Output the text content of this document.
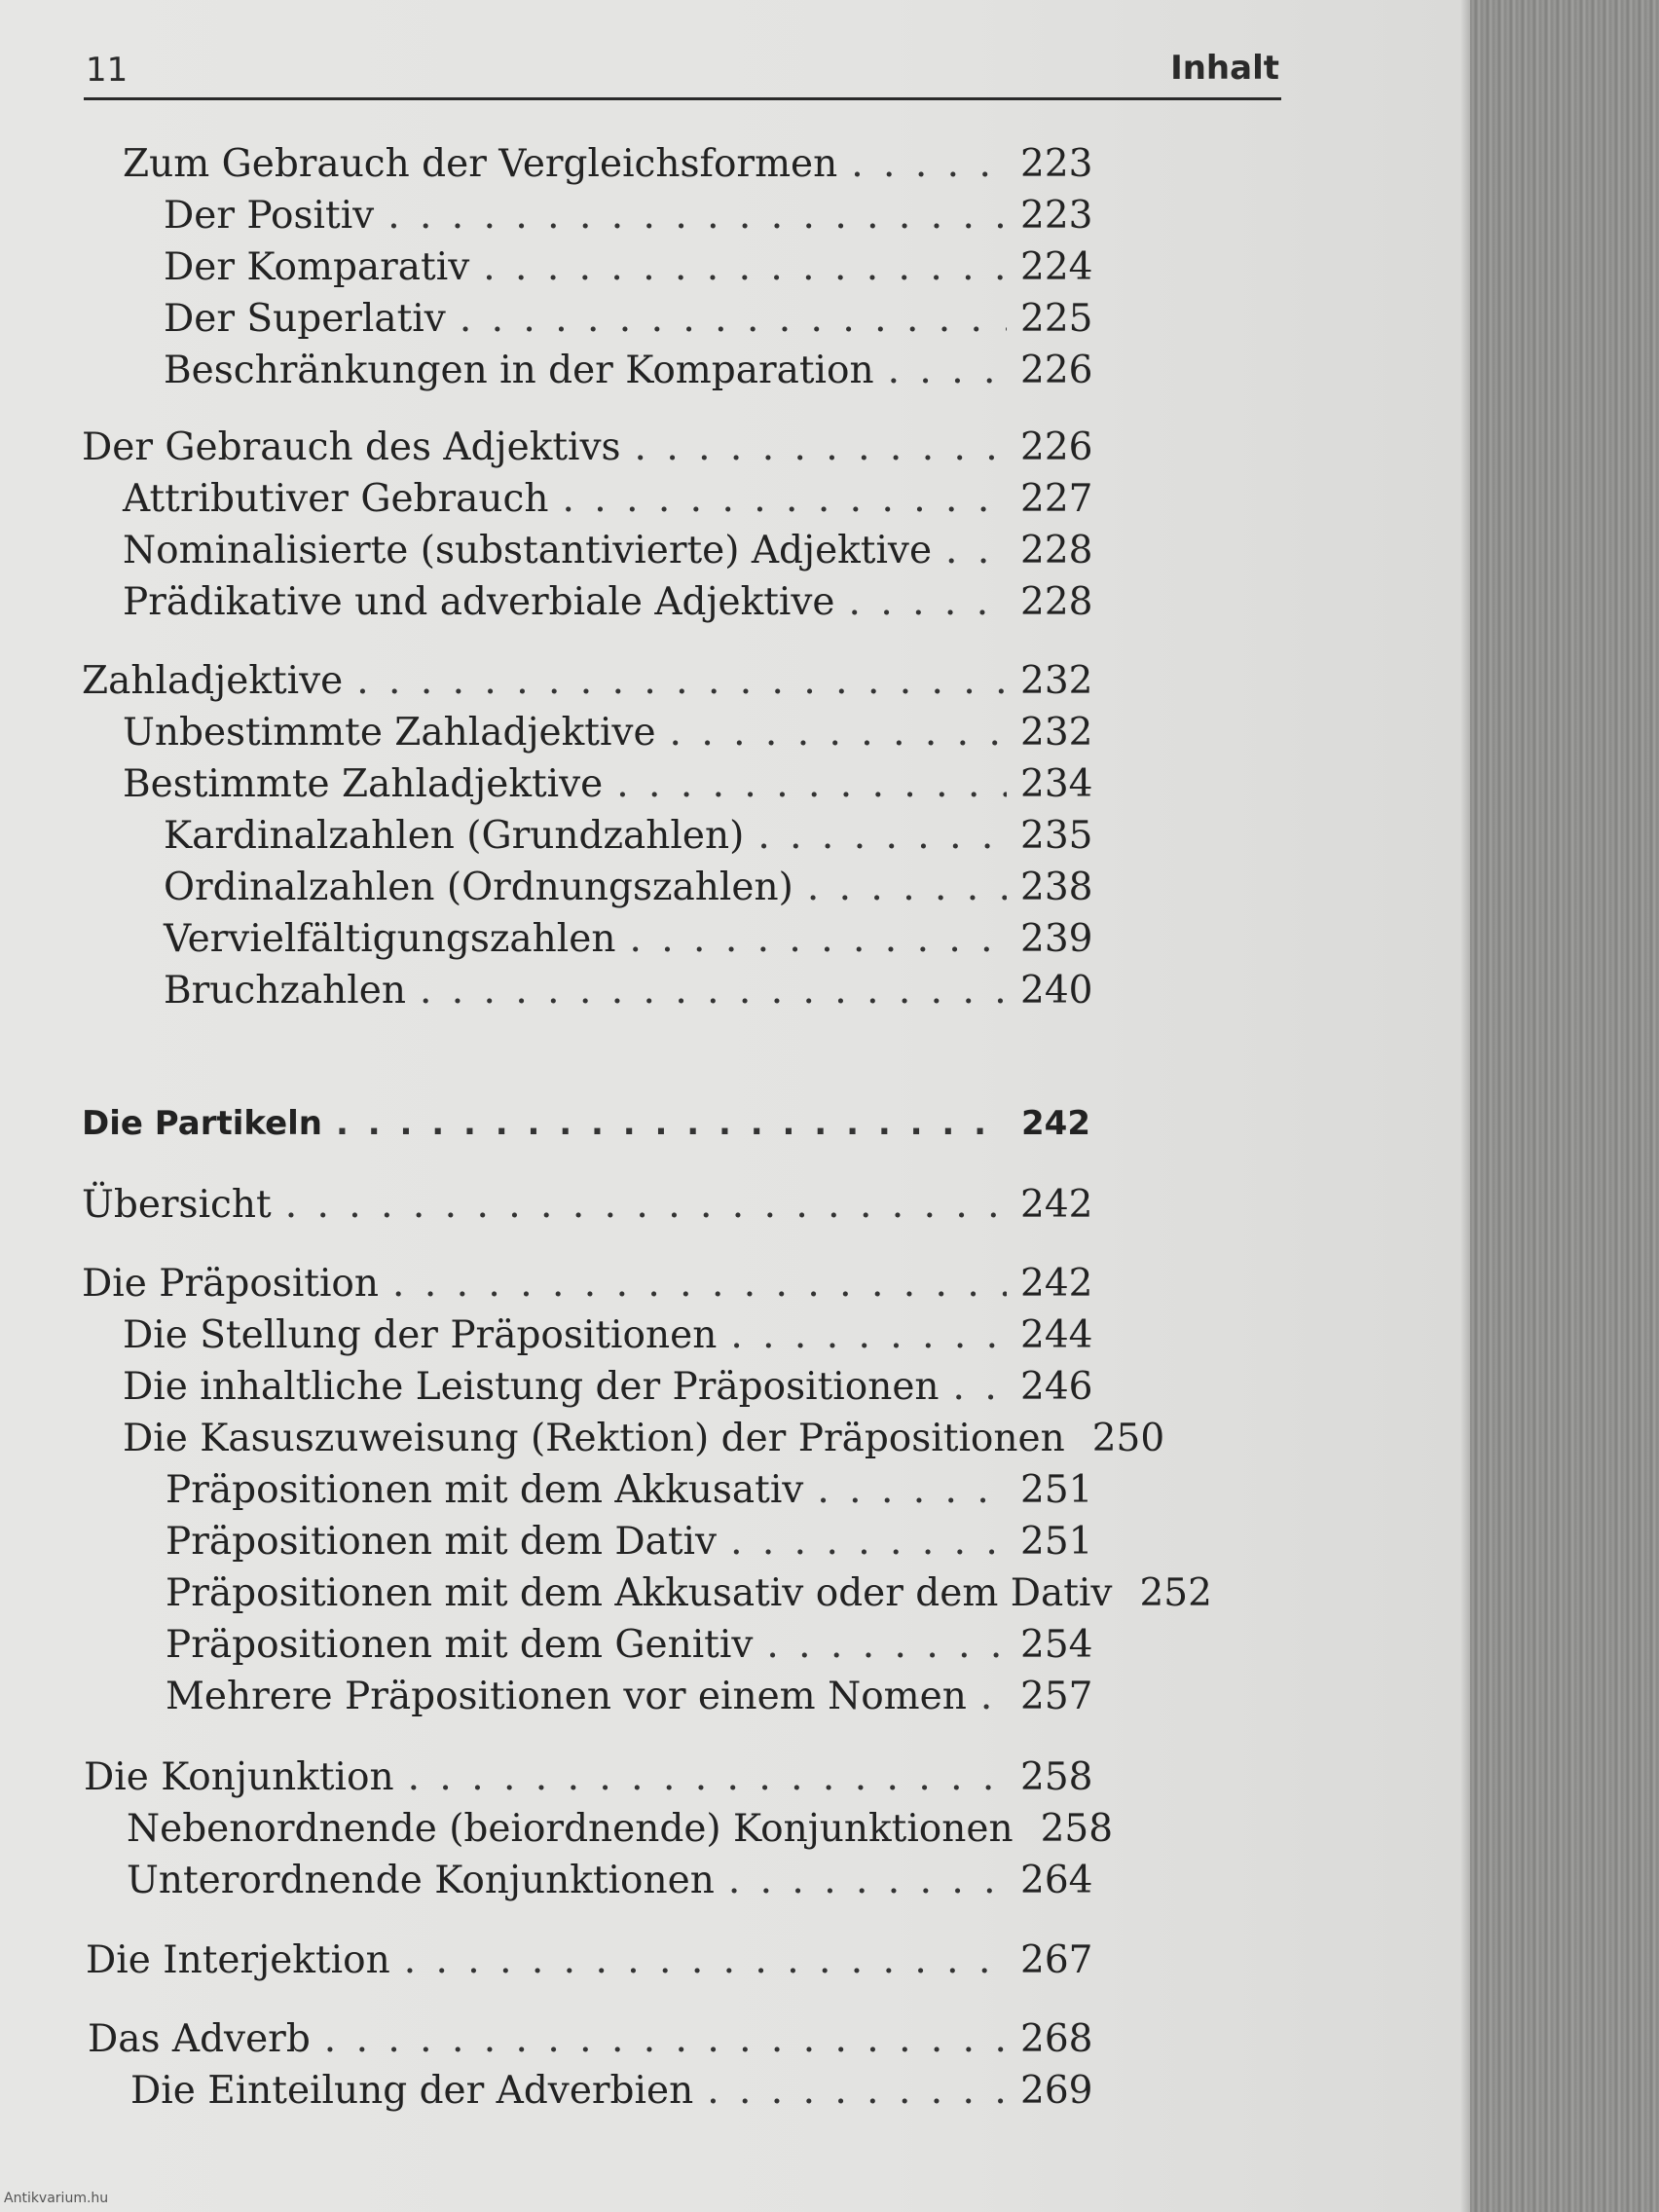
11	Inhalt
Zum Gebrauch der Vergleichsformen . . .	223
Der Positiv . . .	223
Der Komparativ . . .	224
Der Superlativ . . .	225
Beschränkungen in der Komparation . . .	226
Der Gebrauch des Adjektivs . . .	226
Attributiver Gebrauch . . .	227
Nominalisierte (substantivierte) Adjektive . . . 228
Prädikative und adverbiale Adjektive . . .	228
Zahladjektive . . .	232
Unbestimmte Zahladjektive . . .	232
Bestimmte Zahladjektive . . .	234
Kardinalzahlen (Grundzahlen) . . .	235
Ordinalzahlen (Ordnungszahlen) . . .	238
Vervielfältigungszahlen . . .	239
Bruchzahlen . . .	240
Die Partikeln . . .	242
Übersicht . . .	242
Die Präposition . . .	242
Die Stellung der Präpositionen . . .	244
Die inhaltliche Leistung der Präpositionen . . . 246
Die Kasuszuweisung (Rektion) der Präpositionen 250
Präpositionen mit dem Akkusativ . . .	251
Präpositionen mit dem Dativ . . .	251
Präpositionen mit dem Akkusativ oder dem Dativ 252
Präpositionen mit dem Genitiv . . .	254
Mehrere Präpositionen vor einem Nomen . . . 257
Die Konjunktion . . .	258
Nebenordnende (beiordnende) Konjunktionen 258
Unterordnende Konjunktionen . . .	264
Die Interjektion . . .	267
Das Adverb . . .	268
Die Einteilung der Adverbien . . .	269
Antikvarium.hu
